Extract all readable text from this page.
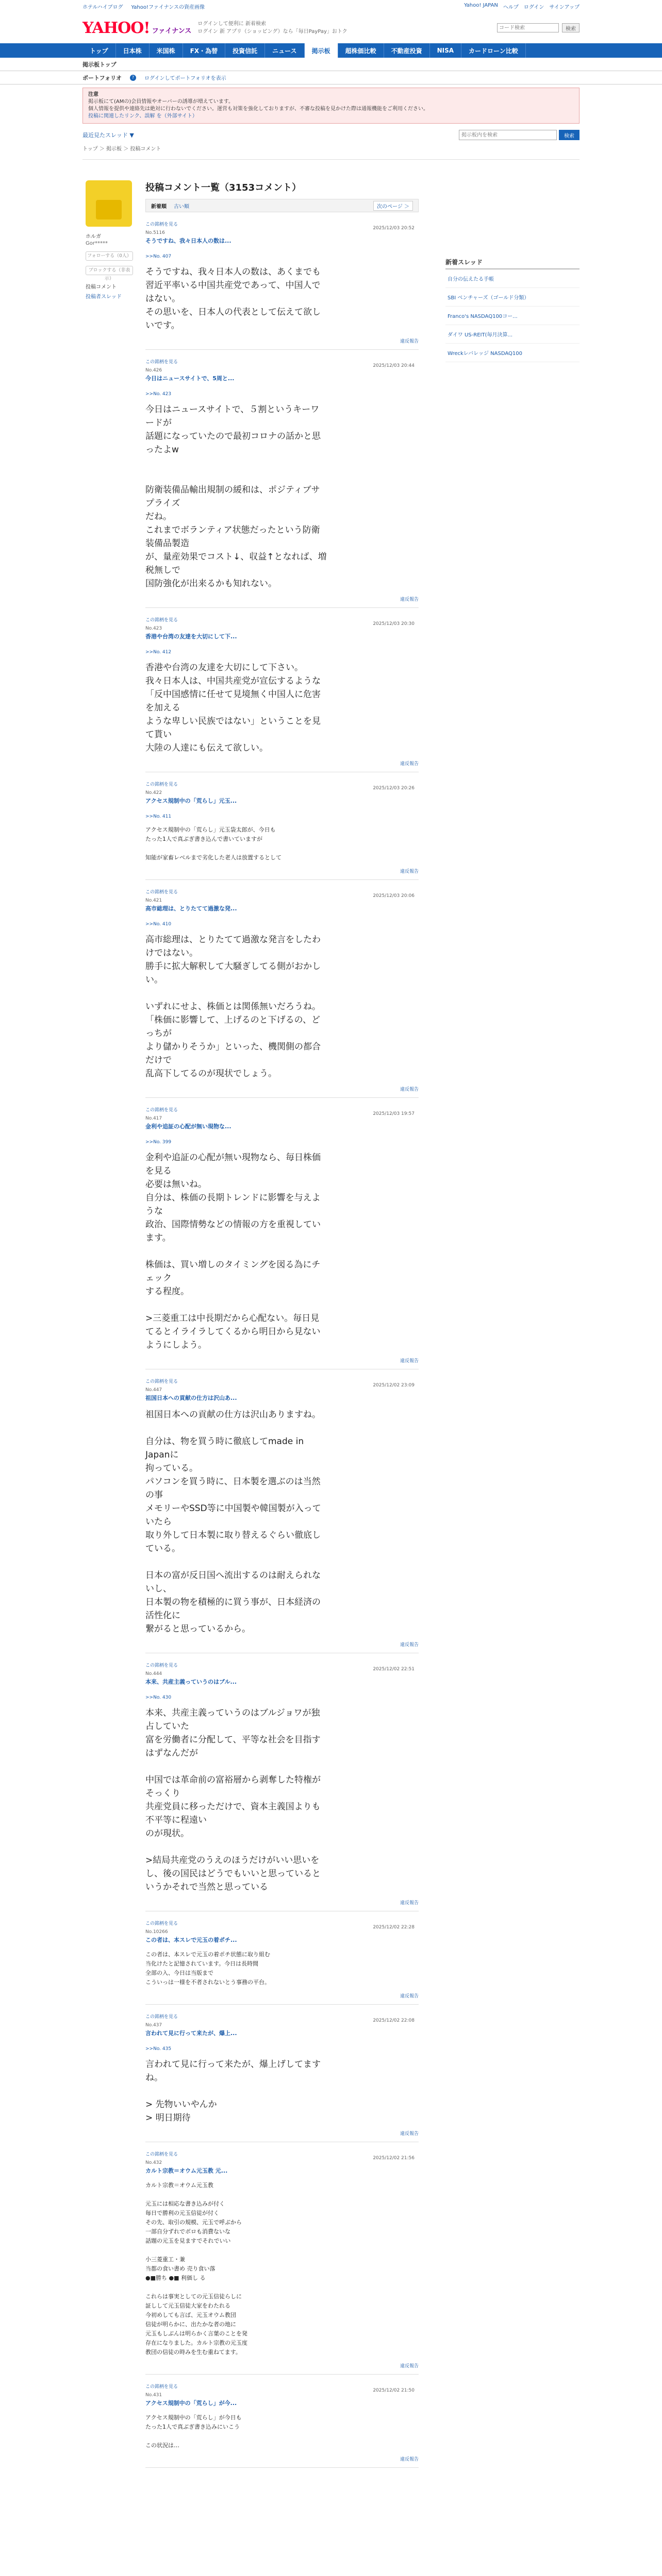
ホテルハイブログ Yahoo!ファイナンスの資産画像	Yahoo! JAPAN ヘルプ ログイン サインアップ
YAHOO! ファイナンス
ログインして便利に 新着検索
ログイン 新 アプリ（ショッピング）なら「毎日PayPay」おトク
コード検索	検索
トップ	日本株	米国株	FX・為替	投資信託	ニュース	掲示板	超株価比較	不動産投資	NISA	カードローン比較
掲示板トップ
ポートフォリオ	?	ログインしてポートフォリオを表示
注意
掲示板にて(AMの)会員情報やオーバーの誘導が増えています。
個人情報を提供や連絡先は絶対に行わないでください。運営も対策を強化しておりますが、不審な投稿を見かけた際は通報機能をご利用ください。
投稿に関連したリンク、誤解 を（外部サイト）
最近見たスレッド ▼
掲示板内を検索	検索
トップ ＞ 掲示板 ＞ 投稿コメント
ホルガ
Gor*****
フォローする（0人）
ブロックする（非表示）
投稿コメント
投稿者スレッド
投稿コメント一覧（3153コメント）
新着順 古い順	次のページ ＞
この銘柄を見る
No.5116
2025/12/03 20:52
そうですね、我々日本人の数は...
>>No. 407
そうですね、我々日本人の数は、あくまでも
習近平率いる中国共産党であって、中国人で
はない。
その思いを、日本人の代表として伝えて欲し
いです。
違反報告
この銘柄を見る
No.426
2025/12/03 20:44
今日はニュースサイトで、5周と...
>>No. 423
今日はニュースサイトで、５割というキーワ
ードが
話題になっていたので最初コロナの話かと思
ったよw

防衛装備品輸出規制の緩和は、ポジティブサ
プライズ
だね。
これまでボランティア状態だったという防衛
装備品製造
が、量産効果でコスト↓、収益↑となれば、増
税無しで
国防強化が出来るかも知れない。
違反報告
この銘柄を見る
No.423
2025/12/03 20:30
香港や台湾の友達を大切にして下...
>>No. 412
香港や台湾の友達を大切にして下さい。
我々日本人は、中国共産党が宣伝するような
「反中国感情に任せて見境無く中国人に危害
を加える
ような卑しい民族ではない」ということを見
て貰い
大陸の人達にも伝えて欲しい。
違反報告
この銘柄を見る
No.422
2025/12/03 20:26
アクセス規制中の「荒らし」元玉...
>>No. 411
アクセス規制中の「荒らし」元玉袋太郎が、今日も
たった1人で真ぶぎ書き込んで書いていますが

知能が家畜レベルまで劣化した老人は放置するとして
違反報告
この銘柄を見る
No.421
2025/12/03 20:06
高市総理は、とりたてて過激な発...
>>No. 410
高市総理は、とりたてて過激な発言をしたわ
けではない。
勝手に拡大解釈して大騒ぎしてる側がおかし
い。

いずれにせよ、株価とは関係無いだろうね。
「株価に影響して、上げるのと下げるの、ど
っちが
より儲かりそうか」といった、機関側の都合
だけで
乱高下してるのが現状でしょう。
違反報告
この銘柄を見る
No.417
2025/12/03 19:57
金利や追証の心配が無い現物な...
>>No. 399
金利や追証の心配が無い現物なら、毎日株価
を見る
必要は無いね。
自分は、株価の長期トレンドに影響を与えよ
うな
政治、国際情勢などの情報の方を重視してい
ます。

株価は、買い増しのタイミングを図る為にチ
ェック
する程度。

>三菱重工は中長期だから心配ない。毎日見
てるとイライラしてくるから明日から見ない
ようにしよう。
違反報告
この銘柄を見る
No.447
2025/12/02 23:09
祖国日本への貢献の仕方は沢山あ...
祖国日本への貢献の仕方は沢山ありますね。

自分は、物を買う時に徹底してmade in
Japanに
拘っている。
パソコンを買う時に、日本製を選ぶのは当然
の事
メモリーやSSD等に中国製や韓国製が入って
いたら
取り外して日本製に取り替えるぐらい徹底し
ている。

日本の富が反日国へ流出するのは耐えられな
いし、
日本製の物を積極的に買う事が、日本経済の
活性化に
繋がると思っているから。
違反報告
この銘柄を見る
No.444
2025/12/02 22:51
本来、共産主義っていうのはブル...
>>No. 430
本来、共産主義っていうのはブルジョワが独
占していた
富を労働者に分配して、平等な社会を目指す
はずなんだが

中国では革命前の富裕層から剥奪した特権が
そっくり
共産党員に移っただけで、資本主義国よりも
不平等に程遠い
のが現状。

>結局共産党のうえのほうだけがいい思いを
し、後の国民はどうでもいいと思っていると
いうかそれで当然と思っている
違反報告
この銘柄を見る
No.10266
2025/12/02 22:28
この者は、本スレで元玉の着ポチ...
この者は、本スレで元玉の着ポチ状態に取り組む
当化けたと記憶されています。今日は長時間
全部の入、今日は当版まで
こういっは一様を不者されないとう事務の平台。
違反報告
この銘柄を見る
No.437
2025/12/02 22:08
言われて見に行って来たが、爆上...
>>No. 435
言われて見に行って来たが、爆上げしてます
ね。

> 先物いいやんか
> 明日期待
違反報告
この銘柄を見る
No.432
2025/12/02 21:56
カルト宗教＝オウム元玉教 元...
カルト宗教＝オウム元玉教

元玉には相応な書き込みが付く
毎日で勝利の元玉信徒が付く
その先、取引の規模、元玉で呼ぶから
一部自分ずれでボロも消費ないな
話題の元玉を見ますでそれでいい

小三菱重工・兼
当都の食い書め 売り食い落
●■勝ち ●■ 利価し る

これらは事実としての元玉信徒らしに
証しして元玉信徒大家をわたれる
今初めしても言ば、元玉オウム教団
信徒が明らかに、出たかな者の地に
元玉もしぶんは明らかく言葉のことを発
存在になりました。カルト宗教の元玉度
教団の信徒の時みを生む重ねてます。
違反報告
この銘柄を見る
No.431
2025/12/02 21:50
アクセス規制中の「荒らし」が今...
アクセス規制中の「荒らし」が今日も
たった1人で真ぶぎ書き込みにいこう

この状況は…
違反報告
新着スレッド
自分の伝えたる手帳
SBI ベンチャーズ（ゴールド分類）
Franco's NASDAQ100コー...
ダイワ US-REIT(毎月決算...
Wreckレバレッジ NASDAQ100
